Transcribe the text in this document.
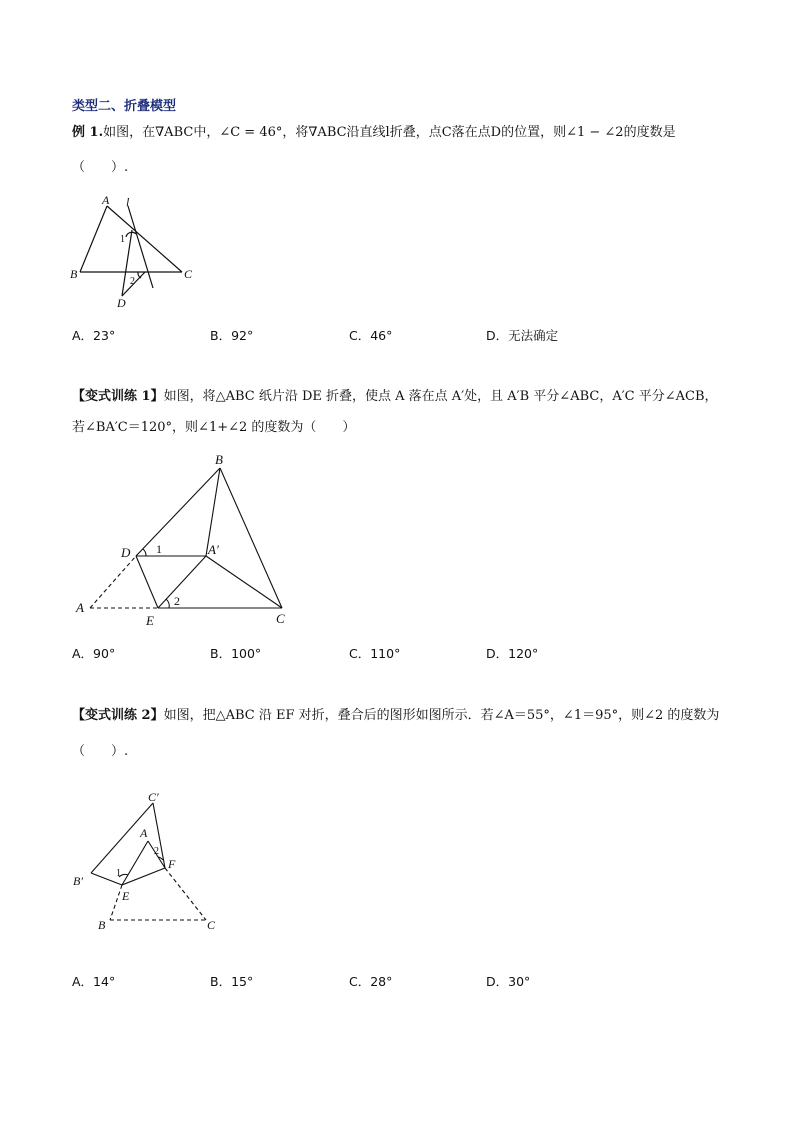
类型二、折叠模型
例 1.如图，在∇ABC中，∠C = 46°，将∇ABC沿直线l折叠，点C落在点D的位置，则∠1 − ∠2的度数是
（　　）.
A
B	C
D
l
1
2
A．23°	B．92°	C．46°	D．无法确定
【变式训练 1】如图，将△ABC 纸片沿 DE 折叠，使点 A 落在点 A′处，且 A′B 平分∠ABC，A′C 平分∠ACB，
若∠BA′C＝120°，则∠1+∠2 的度数为（　　）
B
D	A′
A
E	C
1
2
A．90°	B．100°	C．110°	D．120°
【变式训练 2】如图，把△ABC 沿 EF 对折，叠合后的图形如图所示．若∠A＝55°，∠1＝95°，则∠2 的度数为
（　　）.
C′
A
F
B′
E
B	C
1
2
A．14°	B．15°	C．28°	D．30°
